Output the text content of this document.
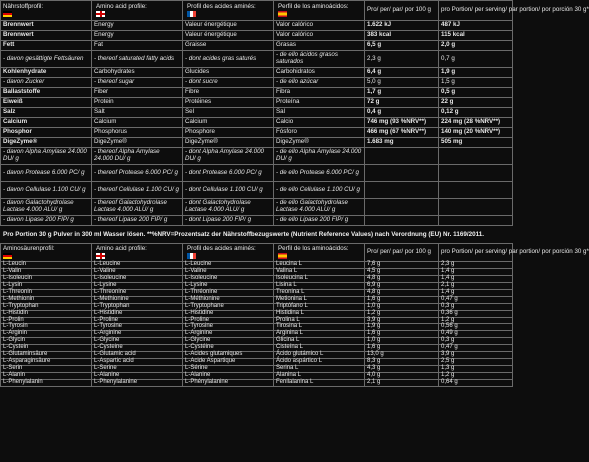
Nährstoffprofil:	Amino acid profile:	Profil des acides aminés:	Perfil de los aminoácidos:	Pro/ per/ par/ por 100 g	pro Portion/ per serving/ par portion/ por porción 30 g*
Brennwert	Energy	Valeur énergétique	Valor calórico	1.622 kJ	487 kJ
Brennwert	Energy	Valeur énergétique	Valor calórico	383 kcal	115 kcal
Fett	Fat	Graisse	Grasas	6,5 g	2,0 g
- davon gesättigte Fettsäuren	- thereof saturated fatty acids	- dont acides gras saturés	- de ello ácidos grasos saturados	2,3 g	0,7 g
Kohlenhydrate	Carbohydrates	Glucides	Carbohidratos	6,4 g	1,9 g
- davon Zucker	- thereof sugar	- dont sucre	- de ello azúcar	5,0 g	1,5 g
Ballaststoffe	Fiber	Fibre	Fibra	1,7 g	0,5 g
Eiweiß	Protein	Protéines	Proteína	72 g	22 g
Salz	Salt	Sel	Sal	0,4 g	0,12 g
Calcium	Calcium	Calcium	Calcio	746 mg (93 %NRV**)	224 mg (28 %NRV**)
Phosphor	Phosphorus	Phosphore	Fósforo	466 mg (67 %NRV**)	140 mg (20 %NRV**)
DigeZyme®	DigeZyme®	DigeZyme®	DigeZyme®	1.683 mg	505 mg
- davon Alpha Amylase 24.000 DU/ g	- thereof Alpha Amylase 24.000 DU/ g	- dont Alpha Amylase 24.000 DU/ g	- de ello Alpha Amylase 24.000 DU/ g		
- davon Protease 6.000 PC/ g	- thereof Protease 6.000 PC/ g	- dont Protease 6.000 PC/ g	- de ello Protease 6.000 PC/ g		
- davon Cellulase 1.100 CU/ g	- thereof Cellulase 1.100 CU/ g	- dont Cellulase 1.100 CU/ g	- de ello Cellulase 1.100 CU/ g		
- davon Galactohydrolase Lactase 4.000 ALU/ g	- thereof Galactohydrolase Lactase 4.000 ALU/ g	- dont Galactohydrolase Lactase 4.000 ALU/ g	- de ello Galactohydrolase Lactase 4.000 ALU/ g		
- davon Lipase 200 FIP/ g	- thereof Lipase 200 FIP/ g	- dont Lipase 200 FIP/ g	- de ello Lipase 200 FIP/ g		
Pro Portion 30 g Pulver in 300 ml Wasser lösen. **%NRV=Prozentsatz der Nährstoffbezugswerte (Nutrient Reference Values) nach Verordnung (EU) Nr. 1169/2011.
Aminosäurenprofil:	Amino acid profile:	Profil des acides aminés:	Perfil de los aminoácidos:	Pro/ per/ par/ por 100 g	pro Portion/ per serving/ par portion/ por porción 30 g*
L-Leucin	L-Leucine	L-Leucine	Leucina L	7,6 g	2,3 g
L-Valin	L-Valine	L-Valine	Valina L	4,5 g	1,4 g
L-Isoleucin	L-Isoleucine	L-Isoleucine	Isoleucina L	4,8 g	1,4 g
L-Lysin	L-Lysine	L-Lysine	Lisina L	6,9 g	2,1 g
L-Threonin	L-Threonine	L-Thréonine	Treonina L	4,8 g	1,4 g
L-Methionin	L-Methionine	L-Méthionine	Metionina L	1,6 g	0,47 g
L-Tryptophan	L-Tryptophan	L-Tryptophane	Triptófano L	1,0 g	0,3 g
L-Histidin	L-Histidine	L-Histidine	Histidina L	1,2 g	0,36 g
L-Prolin	L-Proline	L-Proline	Prolina L	3,9 g	1,2 g
L-Tyrosin	L-Tyrosine	L-Tyrosine	Tirosina L	1,9 g	0,56 g
L-Arginin	L-Arginine	L-Arginine	Arginina L	1,6 g	0,49 g
L-Glycin	L-Glycine	L-Glycine	Glicina L	1,0 g	0,3 g
L-Cystein	L-Cysteine	L-Cystéine	Cisteína L	1,6 g	0,47 g
L-Glutaminsäure	L-Glutamic acid	L-Acides glutamiques	Ácido glutámico L	13,0 g	3,9 g
L-Asparaginsäure	L-Aspartic acid	L-Acide Aspartique	Ácido aspártico L	8,3 g	2,5 g
L-Serin	L-Serine	L-Sérine	Serina L	4,3 g	1,3 g
L-Alanin	L-Alanine	L-Alanine	Alanina L	4,0 g	1,2 g
L-Phenylalanin	L-Phenylalanine	L-Phénylalanine	Fenilalanina L	2,1 g	0,64 g
